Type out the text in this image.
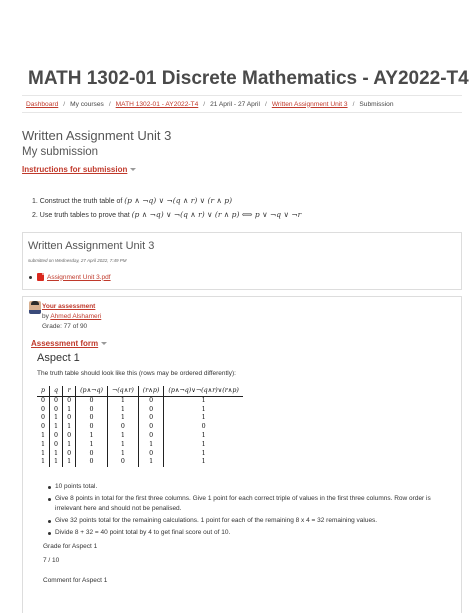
MATH 1302-01 Discrete Mathematics - AY2022-T4
Dashboard / My courses / MATH 1302-01 - AY2022-T4 / 21 April - 27 April / Written Assignment Unit 3 / Submission
Written Assignment Unit 3
My submission
Instructions for submission
1. Construct the truth table of (p ∧ ¬q) ∨ ¬(q ∧ r) ∨ (r ∧ p)
2. Use truth tables to prove that (p ∧ ¬q) ∨ ¬(q ∧ r) ∨ (r ∧ p) ⟺ p ∨ ¬q ∨ ¬r
Written Assignment Unit 3
submitted on Wednesday, 27 April 2022, 7:49 PM
Assignment Unit 3.pdf
Your assessment
by Ahmed Alshameri
Grade: 77 of 90
Assessment form
Aspect 1
The truth table should look like this (rows may be ordered differently):
p	q	r	(p∧¬q)	¬(q∧r)	(r∧p)	(p∧¬q)∨¬(q∧r)∨(r∧p)
0	0	0	0	1	0	1
0	0	1	0	1	0	1
0	1	0	0	1	0	1
0	1	1	0	0	0	0
1	0	0	1	1	0	1
1	0	1	1	1	1	1
1	1	0	0	1	0	1
1	1	1	0	0	1	1
10 points total.
Give 8 points in total for the first three columns. Give 1 point for each correct triple of values in the first three columns. Row order is irrelevant here and should not be penalised.
Give 32 points total for the remaining calculations. 1 point for each of the remaining 8 x 4 = 32 remaining values.
Divide 8 + 32 = 40 point total by 4 to get final score out of 10.
Grade for Aspect 1
7 / 10
Comment for Aspect 1
